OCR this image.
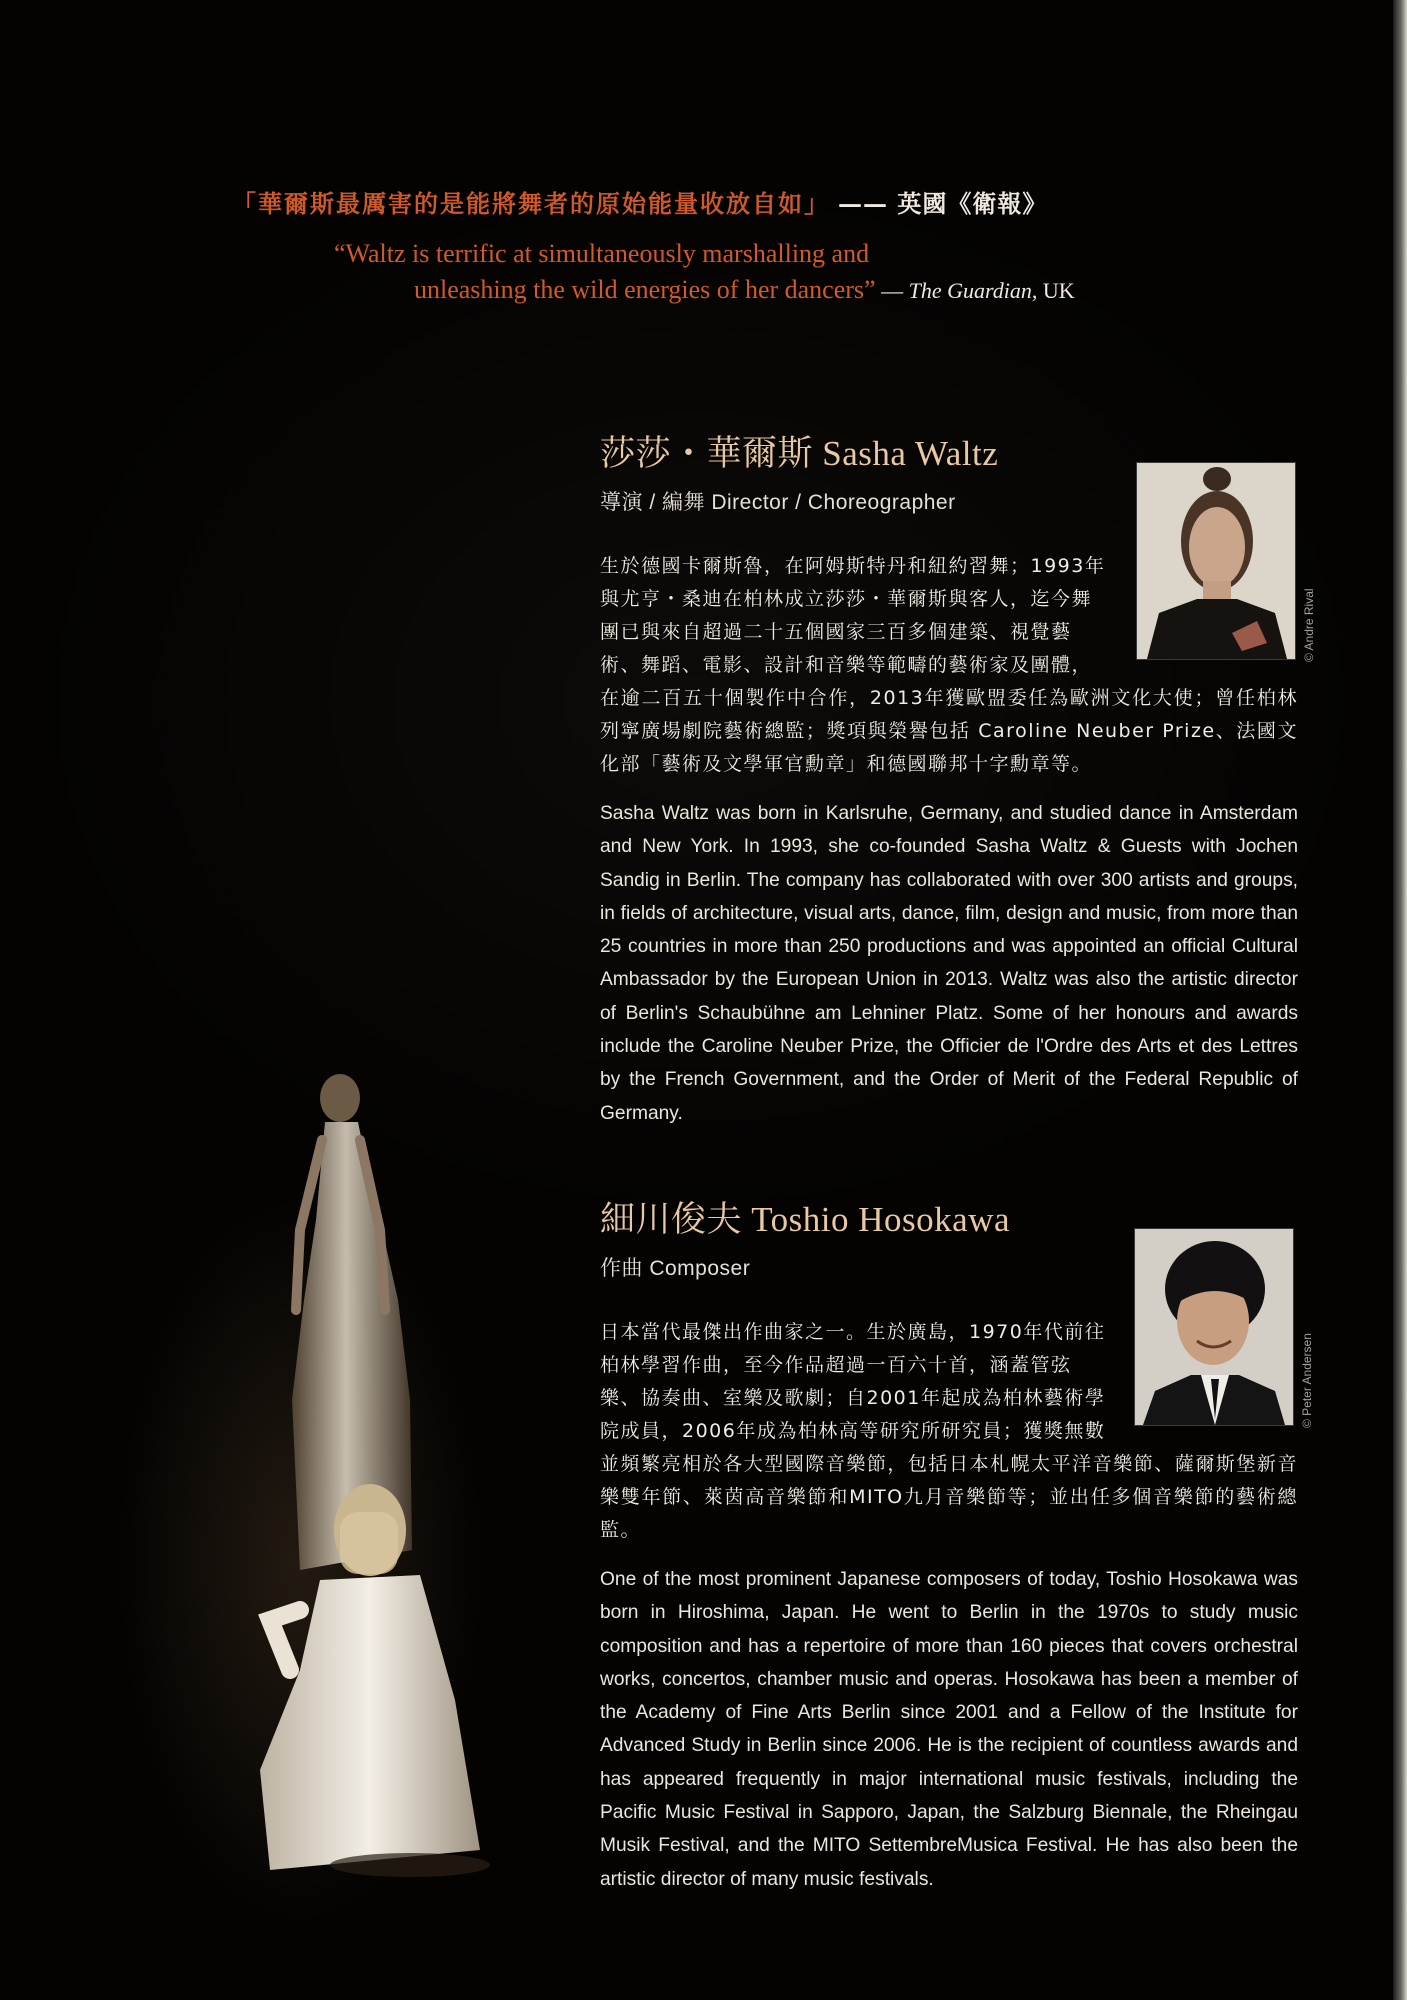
「華爾斯最厲害的是能將舞者的原始能量收放自如」 —— 英國《衛報》
“Waltz is terrific at simultaneously marshalling and
unleashing the wild energies of her dancers” — The Guardian, UK
莎莎・華爾斯 Sasha Waltz
導演 / 編舞 Director / Choreographer
生於德國卡爾斯魯，在阿姆斯特丹和紐約習舞；1993年
與尤亨・桑迪在柏林成立莎莎・華爾斯與客人，迄今舞
團已與來自超過二十五個國家三百多個建築、視覺藝
術、舞蹈、電影、設計和音樂等範疇的藝術家及團體，
在逾二百五十個製作中合作，2013年獲歐盟委任為歐洲文化大使；曾任柏林列寧廣場劇院藝術總監；獎項與榮譽包括 Caroline Neuber Prize、法國文化部「藝術及文學軍官勳章」和德國聯邦十字勳章等。
Sasha Waltz was born in Karlsruhe, Germany, and studied dance in Amsterdam and New York. In 1993, she co-founded Sasha Waltz & Guests with Jochen Sandig in Berlin. The company has collaborated with over 300 artists and groups, in fields of architecture, visual arts, dance, film, design and music, from more than 25 countries in more than 250 productions and was appointed an official Cultural Ambassador by the European Union in 2013. Waltz was also the artistic director of Berlin's Schaubühne am Lehniner Platz. Some of her honours and awards include the Caroline Neuber Prize, the Officier de l'Ordre des Arts et des Lettres by the French Government, and the Order of Merit of the Federal Republic of Germany.
© Andre Rival
細川俊夫 Toshio Hosokawa
作曲 Composer
日本當代最傑出作曲家之一。生於廣島，1970年代前往
柏林學習作曲，至今作品超過一百六十首，涵蓋管弦
樂、協奏曲、室樂及歌劇；自2001年起成為柏林藝術學
院成員，2006年成為柏林高等研究所研究員；獲獎無數
並頻繁亮相於各大型國際音樂節，包括日本札幌太平洋音樂節、薩爾斯堡新音樂雙年節、萊茵高音樂節和MITO九月音樂節等；並出任多個音樂節的藝術總監。
One of the most prominent Japanese composers of today, Toshio Hosokawa was born in Hiroshima, Japan. He went to Berlin in the 1970s to study music composition and has a repertoire of more than 160 pieces that covers orchestral works, concertos, chamber music and operas. Hosokawa has been a member of the Academy of Fine Arts Berlin since 2001 and a Fellow of the Institute for Advanced Study in Berlin since 2006. He is the recipient of countless awards and has appeared frequently in major international music festivals, including the Pacific Music Festival in Sapporo, Japan, the Salzburg Biennale, the Rheingau Musik Festival, and the MITO SettembreMusica Festival. He has also been the artistic director of many music festivals.
© Peter Andersen
